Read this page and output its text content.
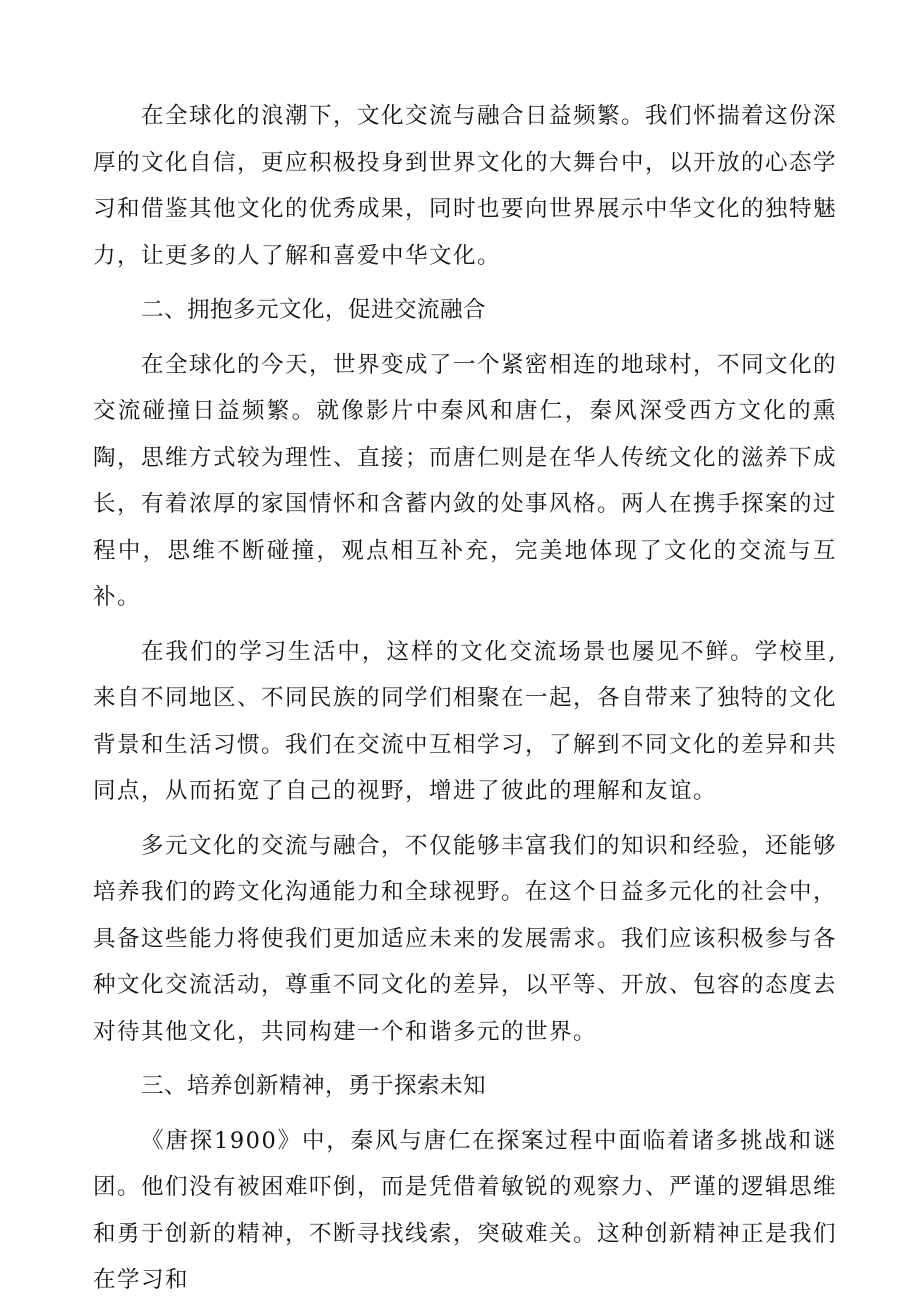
在全球化的浪潮下，文化交流与融合日益频繁。我们怀揣着这份深厚的文化自信，更应积极投身到世界文化的大舞台中，以开放的心态学习和借鉴其他文化的优秀成果，同时也要向世界展示中华文化的独特魅力，让更多的人了解和喜爱中华文化。

二、拥抱多元文化，促进交流融合

在全球化的今天，世界变成了一个紧密相连的地球村，不同文化的交流碰撞日益频繁。就像影片中秦风和唐仁，秦风深受西方文化的熏陶，思维方式较为理性、直接；而唐仁则是在华人传统文化的滋养下成长，有着浓厚的家国情怀和含蓄内敛的处事风格。两人在携手探案的过程中，思维不断碰撞，观点相互补充，完美地体现了文化的交流与互补。

在我们的学习生活中，这样的文化交流场景也屡见不鲜。学校里,来自不同地区、不同民族的同学们相聚在一起，各自带来了独特的文化背景和生活习惯。我们在交流中互相学习，了解到不同文化的差异和共同点，从而拓宽了自己的视野，增进了彼此的理解和友谊。

多元文化的交流与融合，不仅能够丰富我们的知识和经验，还能够培养我们的跨文化沟通能力和全球视野。在这个日益多元化的社会中，具备这些能力将使我们更加适应未来的发展需求。我们应该积极参与各种文化交流活动，尊重不同文化的差异，以平等、开放、包容的态度去对待其他文化，共同构建一个和谐多元的世界。

三、培养创新精神，勇于探索未知

《唐探1900》中，秦风与唐仁在探案过程中面临着诸多挑战和谜团。他们没有被困难吓倒，而是凭借着敏锐的观察力、严谨的逻辑思维和勇于创新的精神，不断寻找线索，突破难关。这种创新精神正是我们在学习和
